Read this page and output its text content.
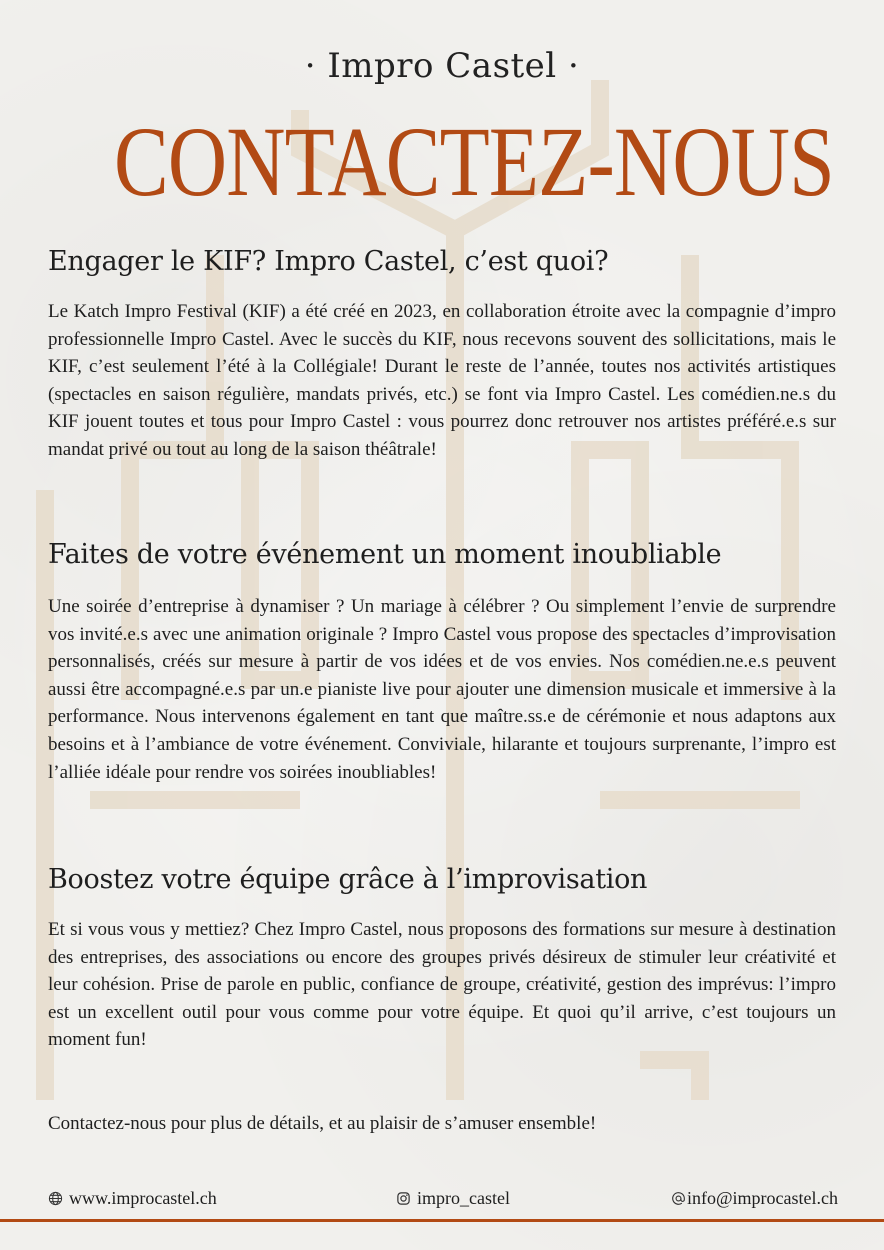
· Impro Castel ·
CONTACTEZ-NOUS
Engager le KIF? Impro Castel, c’est quoi?

Le Katch Impro Festival (KIF) a été créé en 2023, en collaboration étroite avec la compagnie d’impro professionnelle Impro Castel. Avec le succès du KIF, nous recevons souvent des sollicitations, mais le KIF, c’est seulement l’été à la Collégiale! Durant le reste de l’année, toutes nos activités artistiques (spectacles en saison régulière, mandats privés, etc.) se font via Impro Castel. Les comédien.ne.s du KIF jouent toutes et tous pour Impro Castel : vous pourrez donc retrouver nos artistes préféré.e.s sur mandat privé ou tout au long de la saison théâtrale!

Faites de votre événement un moment inoubliable

Une soirée d’entreprise à dynamiser ? Un mariage à célébrer ? Ou simplement l’envie de surprendre vos invité.e.s avec une animation originale ? Impro Castel vous propose des spectacles d’improvisation personnalisés, créés sur mesure à partir de vos idées et de vos envies. Nos comédien.ne.e.s peuvent aussi être accompagné.e.s par un.e pianiste live pour ajouter une dimension musicale et immersive à la performance. Nous intervenons également en tant que maître.ss.e de cérémonie et nous adaptons aux besoins et à l’ambiance de votre événement. Conviviale, hilarante et toujours surprenante, l’impro est l’alliée idéale pour rendre vos soirées inoubliables!

Boostez votre équipe grâce à l’improvisation

Et si vous vous y mettiez? Chez Impro Castel, nous proposons des formations sur mesure à destination des entreprises, des associations ou encore des groupes privés désireux de stimuler leur créativité et leur cohésion. Prise de parole en public, confiance de groupe, créativité, gestion des imprévus: l’impro est un excellent outil pour vous comme pour votre équipe. Et quoi qu’il arrive, c’est toujours un moment fun!

Contactez-nous pour plus de détails, et au plaisir de s’amuser ensemble!

www.improcastel.ch	impro_castel	info@improcastel.ch
